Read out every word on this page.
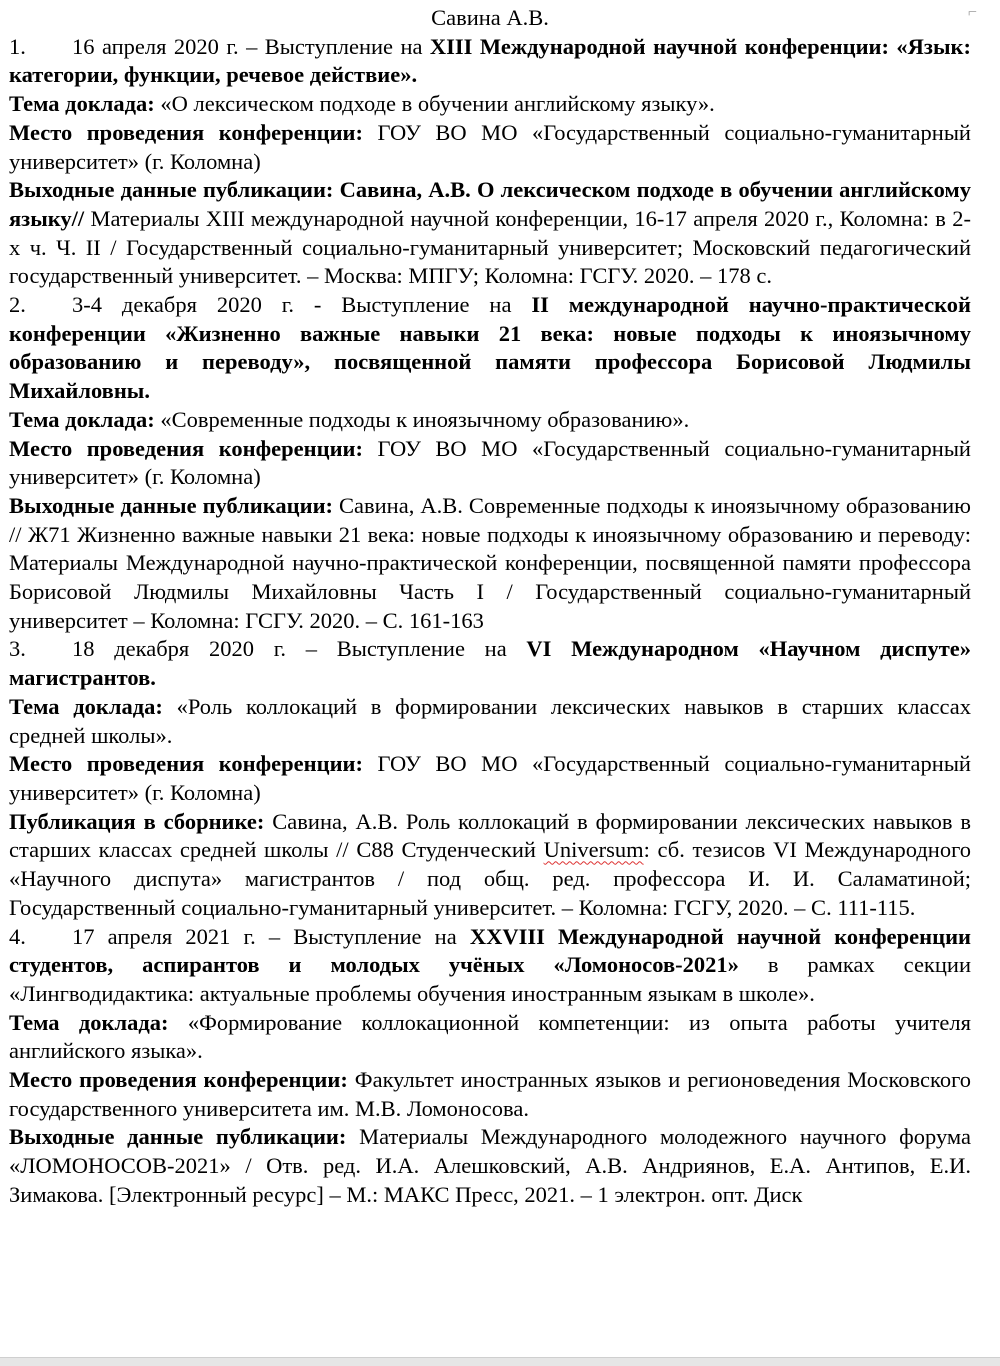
⌐

Савина А.В.

1. 16 апреля 2020 г. – Выступление на XIII Международной научной конференции: «Язык: категории, функции, речевое действие».

Тема доклада: «О лексическом подходе в обучении английскому языку».

Место проведения конференции: ГОУ ВО МО «Государственный социально-гуманитарный университет» (г. Коломна)

Выходные данные публикации: Савина, А.В. О лексическом подходе в обучении английскому языку// Материалы XIII международной научной конференции, 16-17 апреля 2020 г., Коломна: в 2-х ч. Ч. II / Государственный социально-гуманитарный университет; Московский педагогический государственный университет. – Москва: МПГУ; Коломна: ГСГУ. 2020. – 178 с.

2. 3-4 декабря 2020 г. - Выступление на II международной научно-практической конференции «Жизненно важные навыки 21 века: новые подходы к иноязычному образованию и переводу», посвященной памяти профессора Борисовой Людмилы Михайловны.

Тема доклада: «Современные подходы к иноязычному образованию».

Место проведения конференции: ГОУ ВО МО «Государственный социально-гуманитарный университет» (г. Коломна)

Выходные данные публикации: Савина, А.В. Современные подходы к иноязычному образованию // Ж71 Жизненно важные навыки 21 века: новые подходы к иноязычному образованию и переводу: Материалы Международной научно-практической конференции, посвященной памяти профессора Борисовой Людмилы Михайловны Часть I / Государственный социально-гуманитарный университет – Коломна: ГСГУ. 2020. – С. 161-163

3. 18 декабря 2020 г. – Выступление на VI Международном «Научном диспуте» магистрантов.

Тема доклада: «Роль коллокаций в формировании лексических навыков в старших классах средней школы».

Место проведения конференции: ГОУ ВО МО «Государственный социально-гуманитарный университет» (г. Коломна)

Публикация в сборнике: Савина, А.В. Роль коллокаций в формировании лексических навыков в старших классах средней школы // С88 Студенческий Universum: сб. тезисов VI Международного «Научного диспута» магистрантов / под общ. ред. профессора И. И. Саламатиной; Государственный социально-гуманитарный университет. – Коломна: ГСГУ, 2020. – С. 111-115.

4. 17 апреля 2021 г. – Выступление на XXVIII Международной научной конференции студентов, аспирантов и молодых учёных «Ломоносов-2021» в рамках секции «Лингводидактика: актуальные проблемы обучения иностранным языкам в школе».

Тема доклада: «Формирование коллокационной компетенции: из опыта работы учителя английского языка».

Место проведения конференции: Факультет иностранных языков и регионоведения Московского государственного университета им. М.В. Ломоносова.

Выходные данные публикации: Материалы Международного молодежного научного форума «ЛОМОНОСОВ-2021» / Отв. ред. И.А. Алешковский, А.В. Андриянов, Е.А. Антипов, Е.И. Зимакова. [Электронный ресурс] – М.: МАКС Пресс, 2021. – 1 электрон. опт. Диск
